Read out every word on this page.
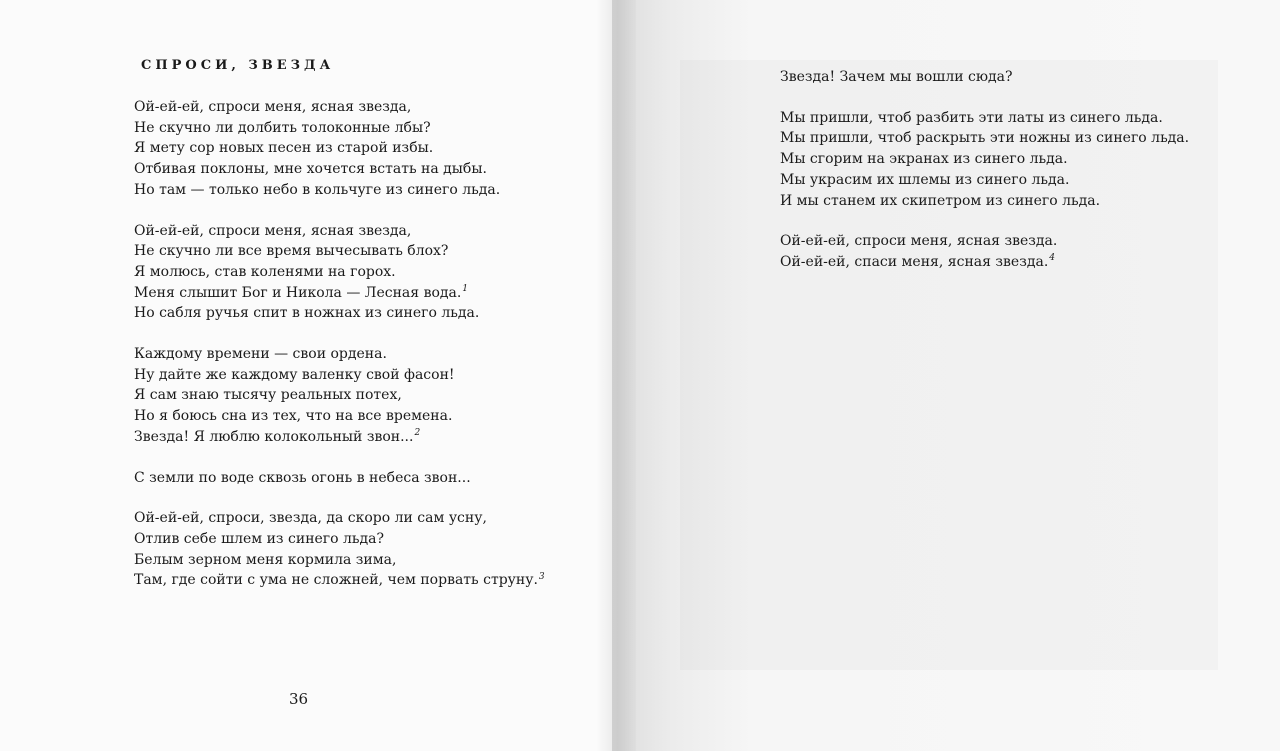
СПРОСИ, ЗВЕЗДА
Ой-ей-ей, спроси меня, ясная звезда,
Не скучно ли долбить толоконные лбы?
Я мету сор новых песен из старой избы.
Отбивая поклоны, мне хочется встать на дыбы.
Но там — только небо в кольчуге из синего льда.
Ой-ей-ей, спроси меня, ясная звезда,
Не скучно ли все время вычесывать блох?
Я молюсь, став коленями на горох.
Меня слышит Бог и Никола — Лесная вода.$^1$
Но сабля ручья спит в ножнах из синего льда.
Каждому времени — свои ордена.
Ну дайте же каждому валенку свой фасон!
Я сам знаю тысячу реальных потех,
Но я боюсь сна из тех, что на все времена.
Звезда! Я люблю колокольный звон...$^2$
С земли по воде сквозь огонь в небеса звон...
Ой-ей-ей, спроси, звезда, да скоро ли сам усну,
Отлив себе шлем из синего льда?
Белым зерном меня кормила зима,
Там, где сойти с ума не сложней, чем порвать струну.$^3$
36
Звезда! Зачем мы вошли сюда?
Мы пришли, чтоб разбить эти латы из синего льда.
Мы пришли, чтоб раскрыть эти ножны из синего льда.
Мы сгорим на экранах из синего льда.
Мы украсим их шлемы из синего льда.
И мы станем их скипетром из синего льда.
Ой-ей-ей, спроси меня, ясная звезда.
Ой-ей-ей, спаси меня, ясная звезда.$^4$
